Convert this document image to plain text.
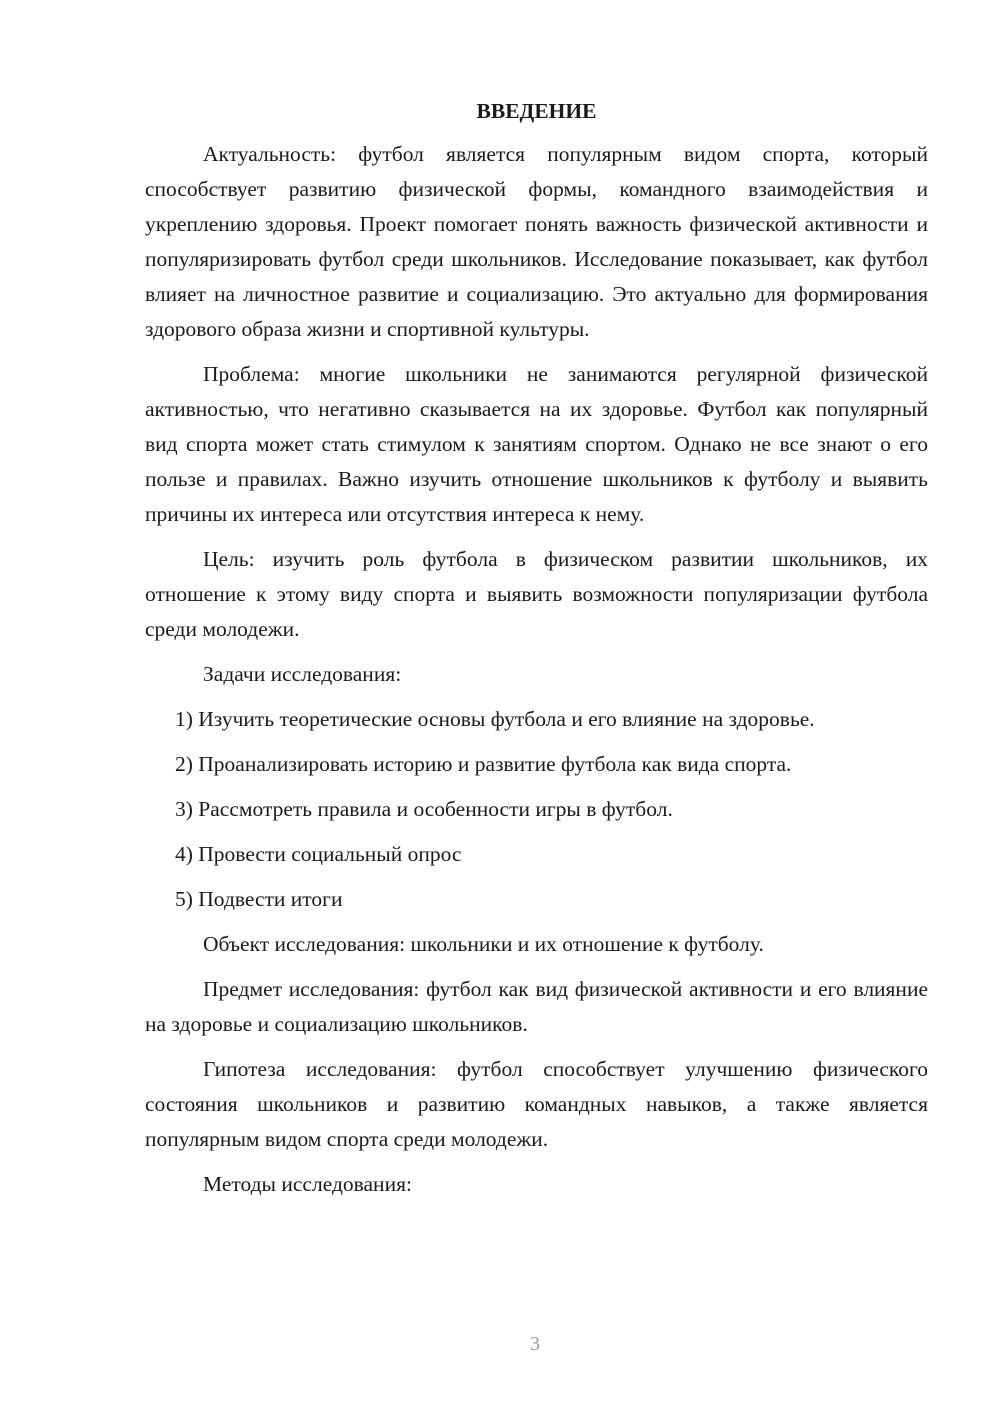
ВВЕДЕНИЕ

Актуальность: футбол является популярным видом спорта, который способствует развитию физической формы, командного взаимодействия и укреплению здоровья. Проект помогает понять важность физической активности и популяризировать футбол среди школьников. Исследование показывает, как футбол влияет на личностное развитие и социализацию. Это актуально для формирования здорового образа жизни и спортивной культуры.

Проблема: многие школьники не занимаются регулярной физической активностью, что негативно сказывается на их здоровье. Футбол как популярный вид спорта может стать стимулом к занятиям спортом. Однако не все знают о его пользе и правилах. Важно изучить отношение школьников к футболу и выявить причины их интереса или отсутствия интереса к нему.

Цель: изучить роль футбола в физическом развитии школьников, их отношение к этому виду спорта и выявить возможности популяризации футбола среди молодежи.

Задачи исследования:

1) Изучить теоретические основы футбола и его влияние на здоровье.
2) Проанализировать историю и развитие футбола как вида спорта.
3) Рассмотреть правила и особенности игры в футбол.
4) Провести социальный опрос
5) Подвести итоги

Объект исследования: школьники и их отношение к футболу.

Предмет исследования: футбол как вид физической активности и его влияние на здоровье и социализацию школьников.

Гипотеза исследования: футбол способствует улучшению физического состояния школьников и развитию командных навыков, а также является популярным видом спорта среди молодежи.

Методы исследования:

3
